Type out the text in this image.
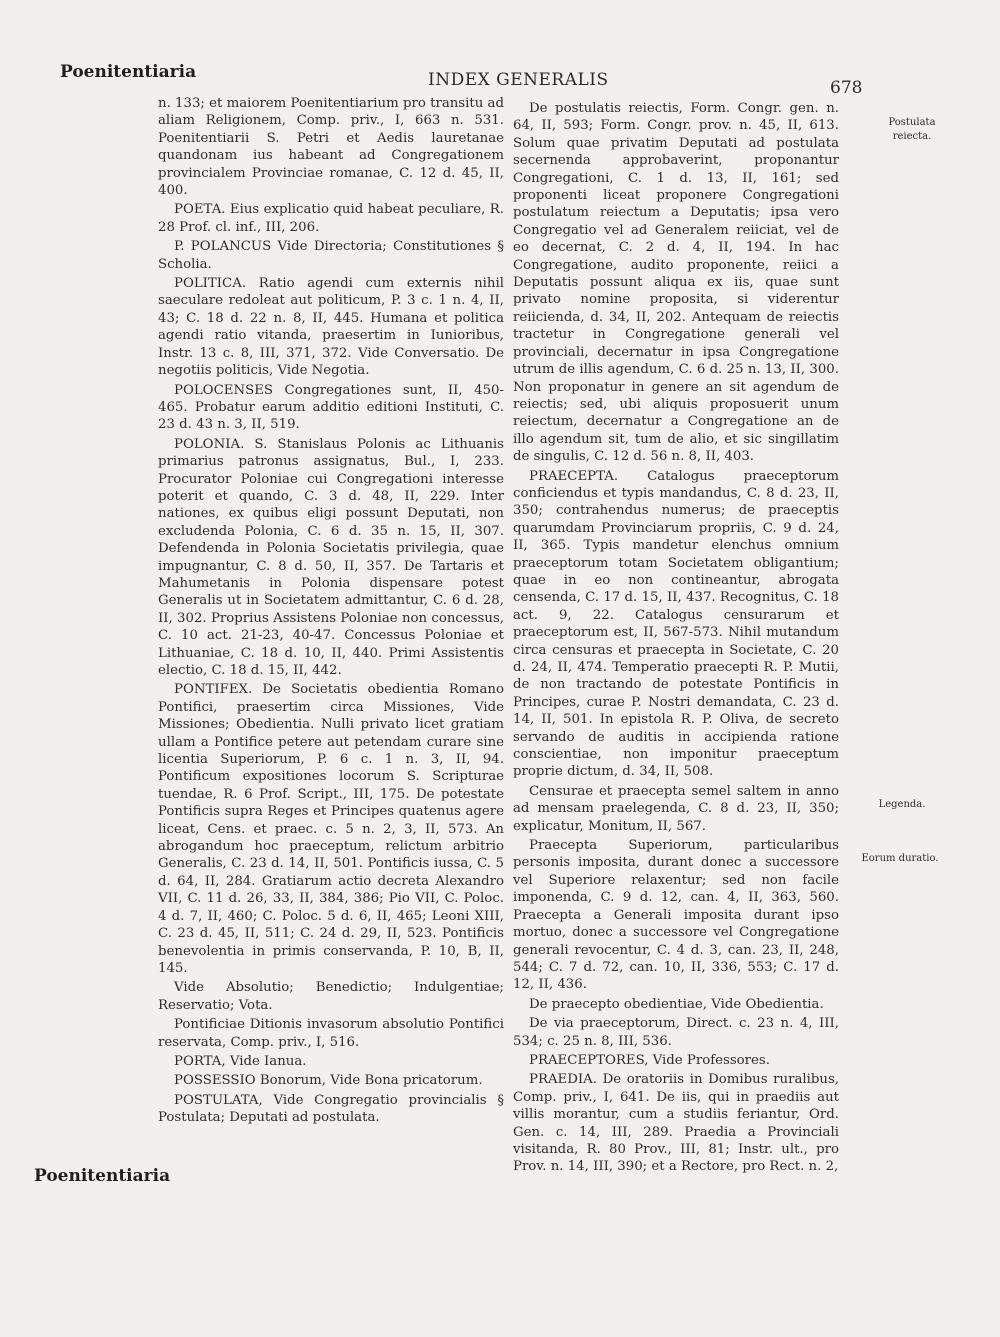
Poenitentiaria	INDEX GENERALIS	678

n. 133; et maiorem Poenitentiarium pro transitu ad aliam Religionem, Comp. priv., I, 663 n. 531. Poenitentiarii S. Petri et Aedis lauretanae quandonam ius habeant ad Congregationem provincialem Provinciae romanae, C. 12 d. 45, II, 400.

POETA. Eius explicatio quid habeat peculiare, R. 28 Prof. cl. inf., III, 206.

P. POLANCUS Vide Directoria; Constitutiones § Scholia.

POLITICA. Ratio agendi cum externis nihil saeculare redoleat aut politicum, P. 3 c. 1 n. 4, II, 43; C. 18 d. 22 n. 8, II, 445. Humana et politica agendi ratio vitanda, praesertim in Iunioribus, Instr. 13 c. 8, III, 371, 372. Vide Conversatio. De negotiis politicis, Vide Negotia.

POLOCENSES Congregationes sunt, II, 450-465. Probatur earum additio editioni Instituti, C. 23 d. 43 n. 3, II, 519.

POLONIA. S. Stanislaus Polonis ac Lithuanis primarius patronus assignatus, Bul., I, 233. Procurator Poloniae cui Congregationi interesse poterit et quando, C. 3 d. 48, II, 229. Inter nationes, ex quibus eligi possunt Deputati, non excludenda Polonia, C. 6 d. 35 n. 15, II, 307. Defendenda in Polonia Societatis privilegia, quae impugnantur, C. 8 d. 50, II, 357. De Tartaris et Mahumetanis in Polonia dispensare potest Generalis ut in Societatem admittantur, C. 6 d. 28, II, 302. Proprius Assistens Poloniae non concessus, C. 10 act. 21-23, 40-47. Concessus Poloniae et Lithuaniae, C. 18 d. 10, II, 440. Primi Assistentis electio, C. 18 d. 15, II, 442.

PONTIFEX. De Societatis obedientia Romano Pontifici, praesertim circa Missiones, Vide Missiones; Obedientia. Nulli privato licet gratiam ullam a Pontifice petere aut petendam curare sine licentia Superiorum, P. 6 c. 1 n. 3, II, 94. Pontificum expositiones locorum S. Scripturae tuendae, R. 6 Prof. Script., III, 175. De potestate Pontificis supra Reges et Principes quatenus agere liceat, Cens. et praec. c. 5 n. 2, 3, II, 573. An abrogandum hoc praeceptum, relictum arbitrio Generalis, C. 23 d. 14, II, 501. Pontificis iussa, C. 5 d. 64, II, 284. Gratiarum actio decreta Alexandro VII, C. 11 d. 26, 33, II, 384, 386; Pio VII, C. Poloc. 4 d. 7, II, 460; C. Poloc. 5 d. 6, II, 465; Leoni XIII, C. 23 d. 45, II, 511; C. 24 d. 29, II, 523. Pontificis benevolentia in primis conservanda, P. 10, B, II, 145.

Vide Absolutio; Benedictio; Indulgentiae; Reservatio; Vota.

Pontificiae Ditionis invasorum absolutio Pontifici reservata, Comp. priv., I, 516.

PORTA, Vide Ianua.

POSSESSIO Bonorum, Vide Bona pricatorum.

POSTULATA, Vide Congregatio provincialis § Postulata; Deputati ad postulata.

De postulatis reiectis, Form. Congr. gen. n. 64, II, 593; Form. Congr. prov. n. 45, II, 613. Solum quae privatim Deputati ad postulata secernenda approbaverint, proponantur Congregationi, C. 1 d. 13, II, 161; sed proponenti liceat proponere Congregationi postulatum reiectum a Deputatis; ipsa vero Congregatio vel ad Generalem reiiciat, vel de eo decernat, C. 2 d. 4, II, 194. In hac Congregatione, audito proponente, reiici a Deputatis possunt aliqua ex iis, quae sunt privato nomine proposita, si viderentur reiicienda, d. 34, II, 202. Antequam de reiectis tractetur in Congregatione generali vel provinciali, decernatur in ipsa Congregatione utrum de illis agendum, C. 6 d. 25 n. 13, II, 300. Non proponatur in genere an sit agendum de reiectis; sed, ubi aliquis proposuerit unum reiectum, decernatur a Congregatione an de illo agendum sit, tum de alio, et sic singillatim de singulis, C. 12 d. 56 n. 8, II, 403.

PRAECEPTA. Catalogus praeceptorum conficiendus et typis mandandus, C. 8 d. 23, II, 350; contrahendus numerus; de praeceptis quarumdam Provinciarum propriis, C. 9 d. 24, II, 365. Typis mandetur elenchus omnium praeceptorum totam Societatem obligantium; quae in eo non contineantur, abrogata censenda, C. 17 d. 15, II, 437. Recognitus, C. 18 act. 9, 22. Catalogus censurarum et praeceptorum est, II, 567-573. Nihil mutandum circa censuras et praecepta in Societate, C. 20 d. 24, II, 474. Temperatio praecepti R. P. Mutii, de non tractando de potestate Pontificis in Principes, curae P. Nostri demandata, C. 23 d. 14, II, 501. In epistola R. P. Oliva, de secreto servando de auditis in accipienda ratione conscientiae, non imponitur praeceptum proprie dictum, d. 34, II, 508.

Censurae et praecepta semel saltem in anno ad mensam praelegenda, C. 8 d. 23, II, 350; explicatur, Monitum, II, 567.

Praecepta Superiorum, particularibus personis imposita, durant donec a successore vel Superiore relaxentur; sed non facile imponenda, C. 9 d. 12, can. 4, II, 363, 560. Praecepta a Generali imposita durant ipso mortuo, donec a successore vel Congregatione generali revocentur, C. 4 d. 3, can. 23, II, 248, 544; C. 7 d. 72, can. 10, II, 336, 553; C. 17 d. 12, II, 436.

De praecepto obedientiae, Vide Obedientia.

De via praeceptorum, Direct. c. 23 n. 4, III, 534; c. 25 n. 8, III, 536.

PRAECEPTORES, Vide Professores.

PRAEDIA. De oratoriis in Domibus ruralibus, Comp. priv., I, 641. De iis, qui in praediis aut villis morantur, cum a studiis feriantur, Ord. Gen. c. 14, III, 289. Praedia a Provinciali visitanda, R. 80 Prov., III, 81; Instr. ult., pro Prov. n. 14, III, 390; et a Rectore, pro Rect. n. 2,

Postulata reiecta.
Legenda.
Eorum duratio.
Poenitentiaria
